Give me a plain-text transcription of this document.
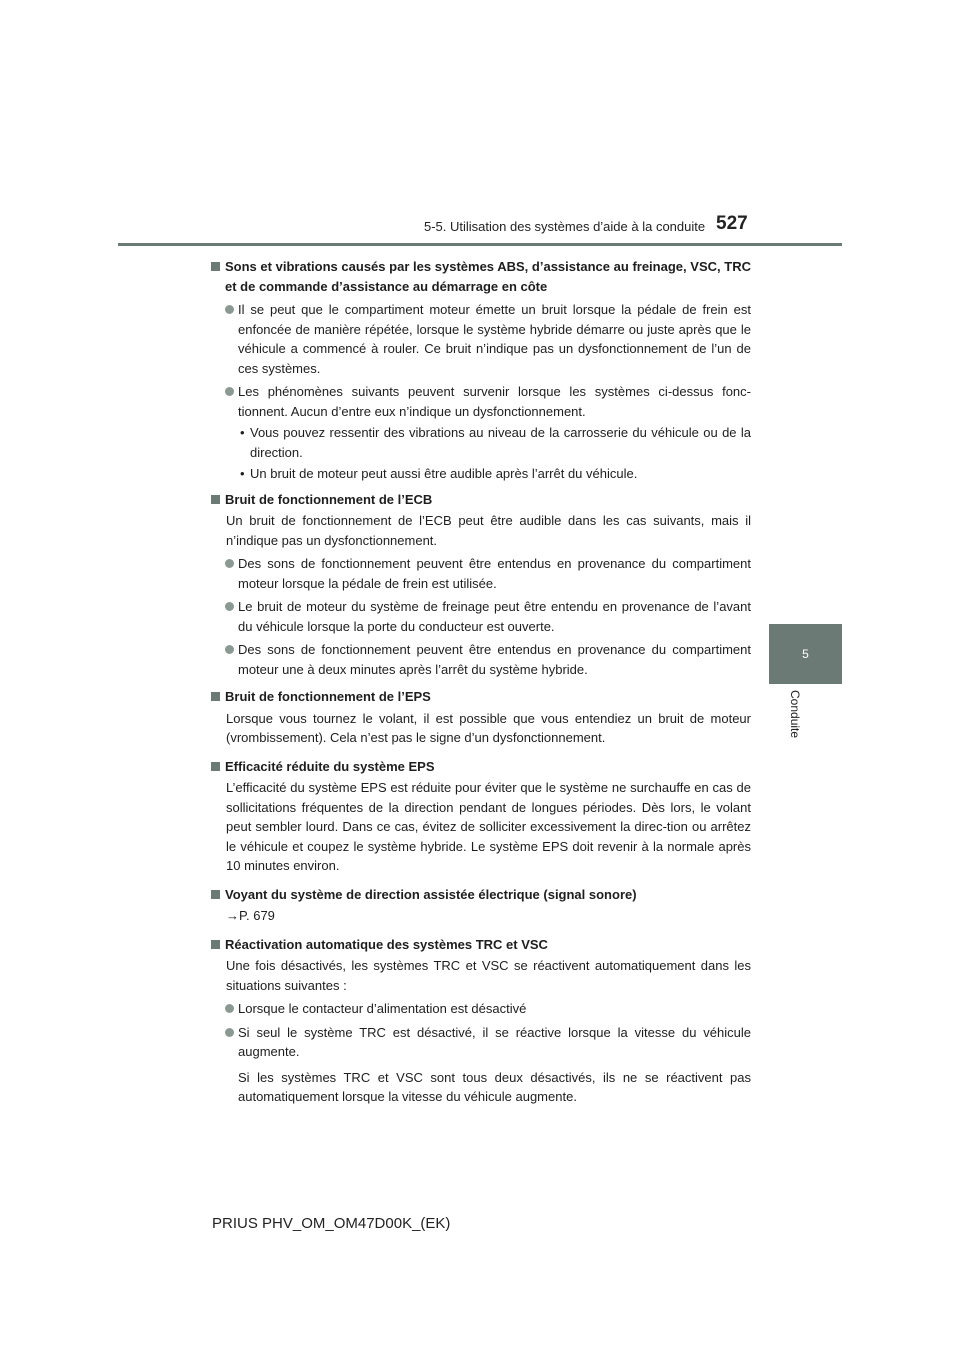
5-5. Utilisation des systèmes d’aide à la conduite 527
5
Conduite
Sons et vibrations causés par les systèmes ABS, d’assistance au freinage, VSC, TRC et de commande d’assistance au démarrage en côte
Il se peut que le compartiment moteur émette un bruit lorsque la pédale de frein est enfoncée de manière répétée, lorsque le système hybride démarre ou juste après que le véhicule a commencé à rouler. Ce bruit n’indique pas un dysfonctionnement de l’un de ces systèmes.
Les phénomènes suivants peuvent survenir lorsque les systèmes ci-dessus fonc-tionnent. Aucun d’entre eux n’indique un dysfonctionnement.
• Vous pouvez ressentir des vibrations au niveau de la carrosserie du véhicule ou de la direction.
• Un bruit de moteur peut aussi être audible après l’arrêt du véhicule.
Bruit de fonctionnement de l’ECB
Un bruit de fonctionnement de l’ECB peut être audible dans les cas suivants, mais il n’indique pas un dysfonctionnement.
Des sons de fonctionnement peuvent être entendus en provenance du compartiment moteur lorsque la pédale de frein est utilisée.
Le bruit de moteur du système de freinage peut être entendu en provenance de l’avant du véhicule lorsque la porte du conducteur est ouverte.
Des sons de fonctionnement peuvent être entendus en provenance du compartiment moteur une à deux minutes après l’arrêt du système hybride.
Bruit de fonctionnement de l’EPS
Lorsque vous tournez le volant, il est possible que vous entendiez un bruit de moteur (vrombissement). Cela n’est pas le signe d’un dysfonctionnement.
Efficacité réduite du système EPS
L’efficacité du système EPS est réduite pour éviter que le système ne surchauffe en cas de sollicitations fréquentes de la direction pendant de longues périodes. Dès lors, le volant peut sembler lourd. Dans ce cas, évitez de solliciter excessivement la direc-tion ou arrêtez le véhicule et coupez le système hybride. Le système EPS doit revenir à la normale après 10 minutes environ.
Voyant du système de direction assistée électrique (signal sonore)
→P. 679
Réactivation automatique des systèmes TRC et VSC
Une fois désactivés, les systèmes TRC et VSC se réactivent automatiquement dans les situations suivantes :
Lorsque le contacteur d’alimentation est désactivé
Si seul le système TRC est désactivé, il se réactive lorsque la vitesse du véhicule augmente.
Si les systèmes TRC et VSC sont tous deux désactivés, ils ne se réactivent pas automatiquement lorsque la vitesse du véhicule augmente.
PRIUS PHV_OM_OM47D00K_(EK)
